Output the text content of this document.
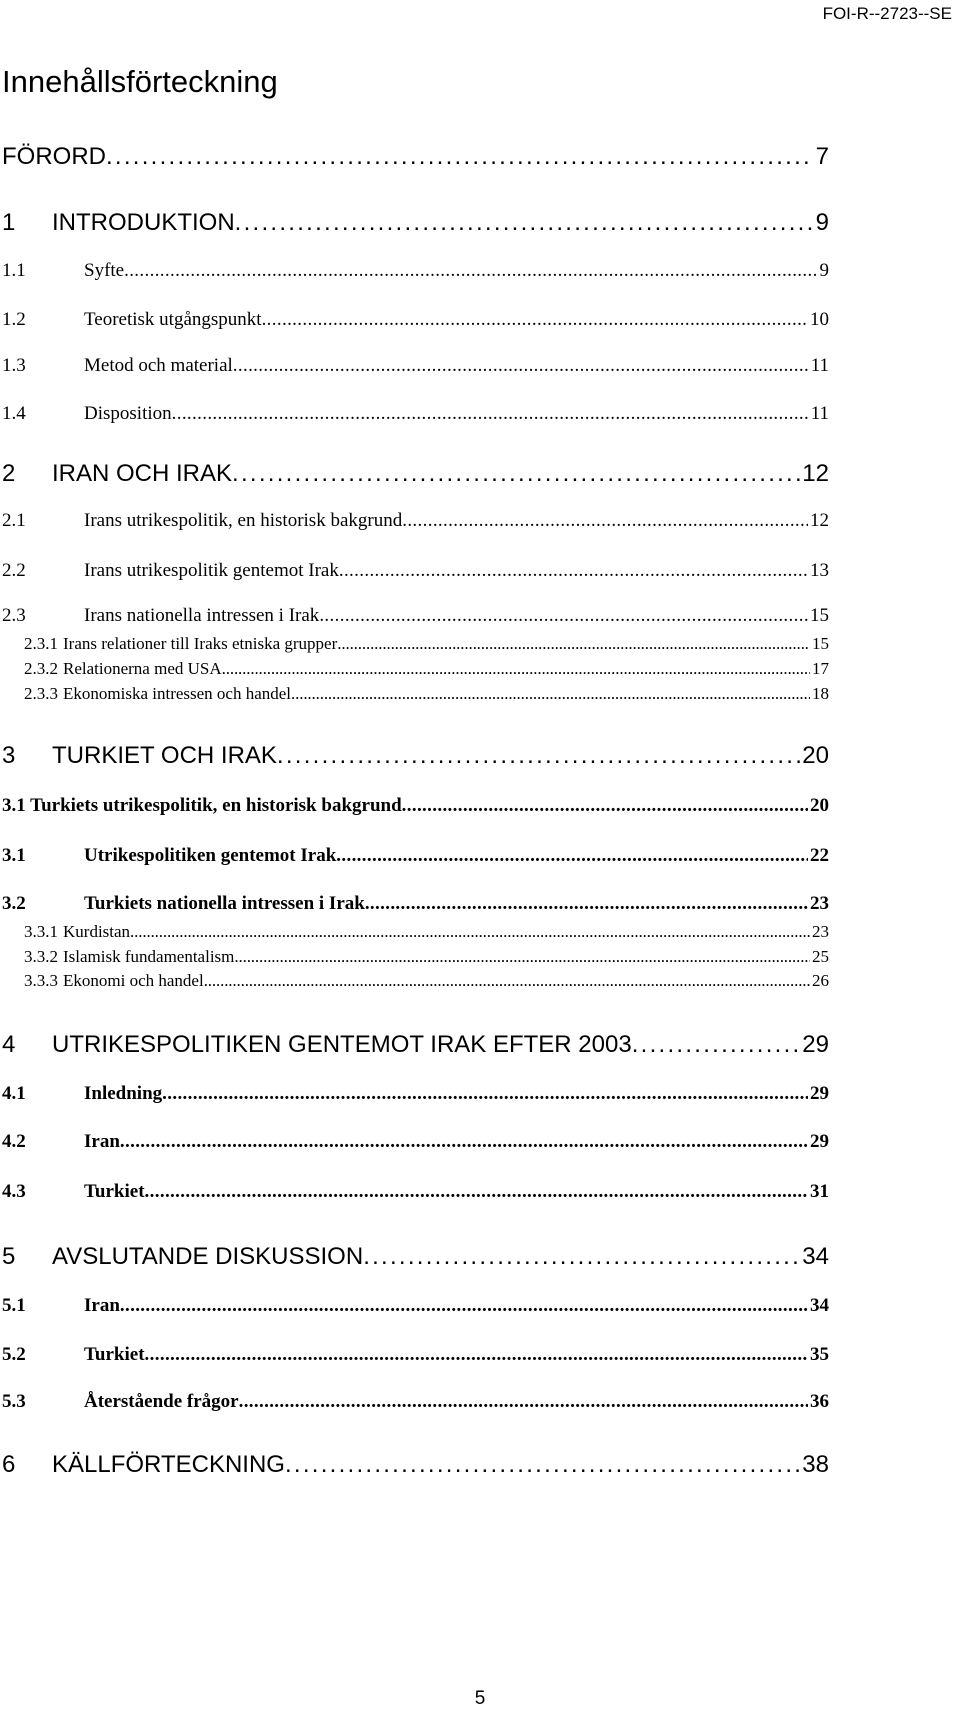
FOI-R--2723--SE
Innehållsförteckning
FÖRORD . . .	7
1	INTRODUKTION . . .	9
1.1	Syfte . . .	9
1.2	Teoretisk utgångspunkt . . .	10
1.3	Metod och material . . .	11
1.4	Disposition . . .	11
2	IRAN OCH IRAK . . .	12
2.1	Irans utrikespolitik, en historisk bakgrund . . .	12
2.2	Irans utrikespolitik gentemot Irak . . .	13
2.3	Irans nationella intressen i Irak . . .	15
2.3.1 Irans relationer till Iraks etniska grupper . . .	15
2.3.2 Relationerna med USA . . .	17
2.3.3 Ekonomiska intressen och handel . . .	18
3	TURKIET OCH IRAK . . .	20
3.1 Turkiets utrikespolitik, en historisk bakgrund . . .	20
3.1	Utrikespolitiken gentemot Irak . . .	22
3.2	Turkiets nationella intressen i Irak . . .	23
3.3.1 Kurdistan . . .	23
3.3.2 Islamisk fundamentalism . . .	25
3.3.3 Ekonomi och handel . . .	26
4	UTRIKESPOLITIKEN GENTEMOT IRAK EFTER 2003 . . .	29
4.1	Inledning . . .	29
4.2	Iran . . .	29
4.3	Turkiet . . .	31
5	AVSLUTANDE DISKUSSION . . .	34
5.1	Iran . . .	34
5.2	Turkiet . . .	35
5.3	Återstående frågor . . .	36
6	KÄLLFÖRTECKNING . . .	38
5
